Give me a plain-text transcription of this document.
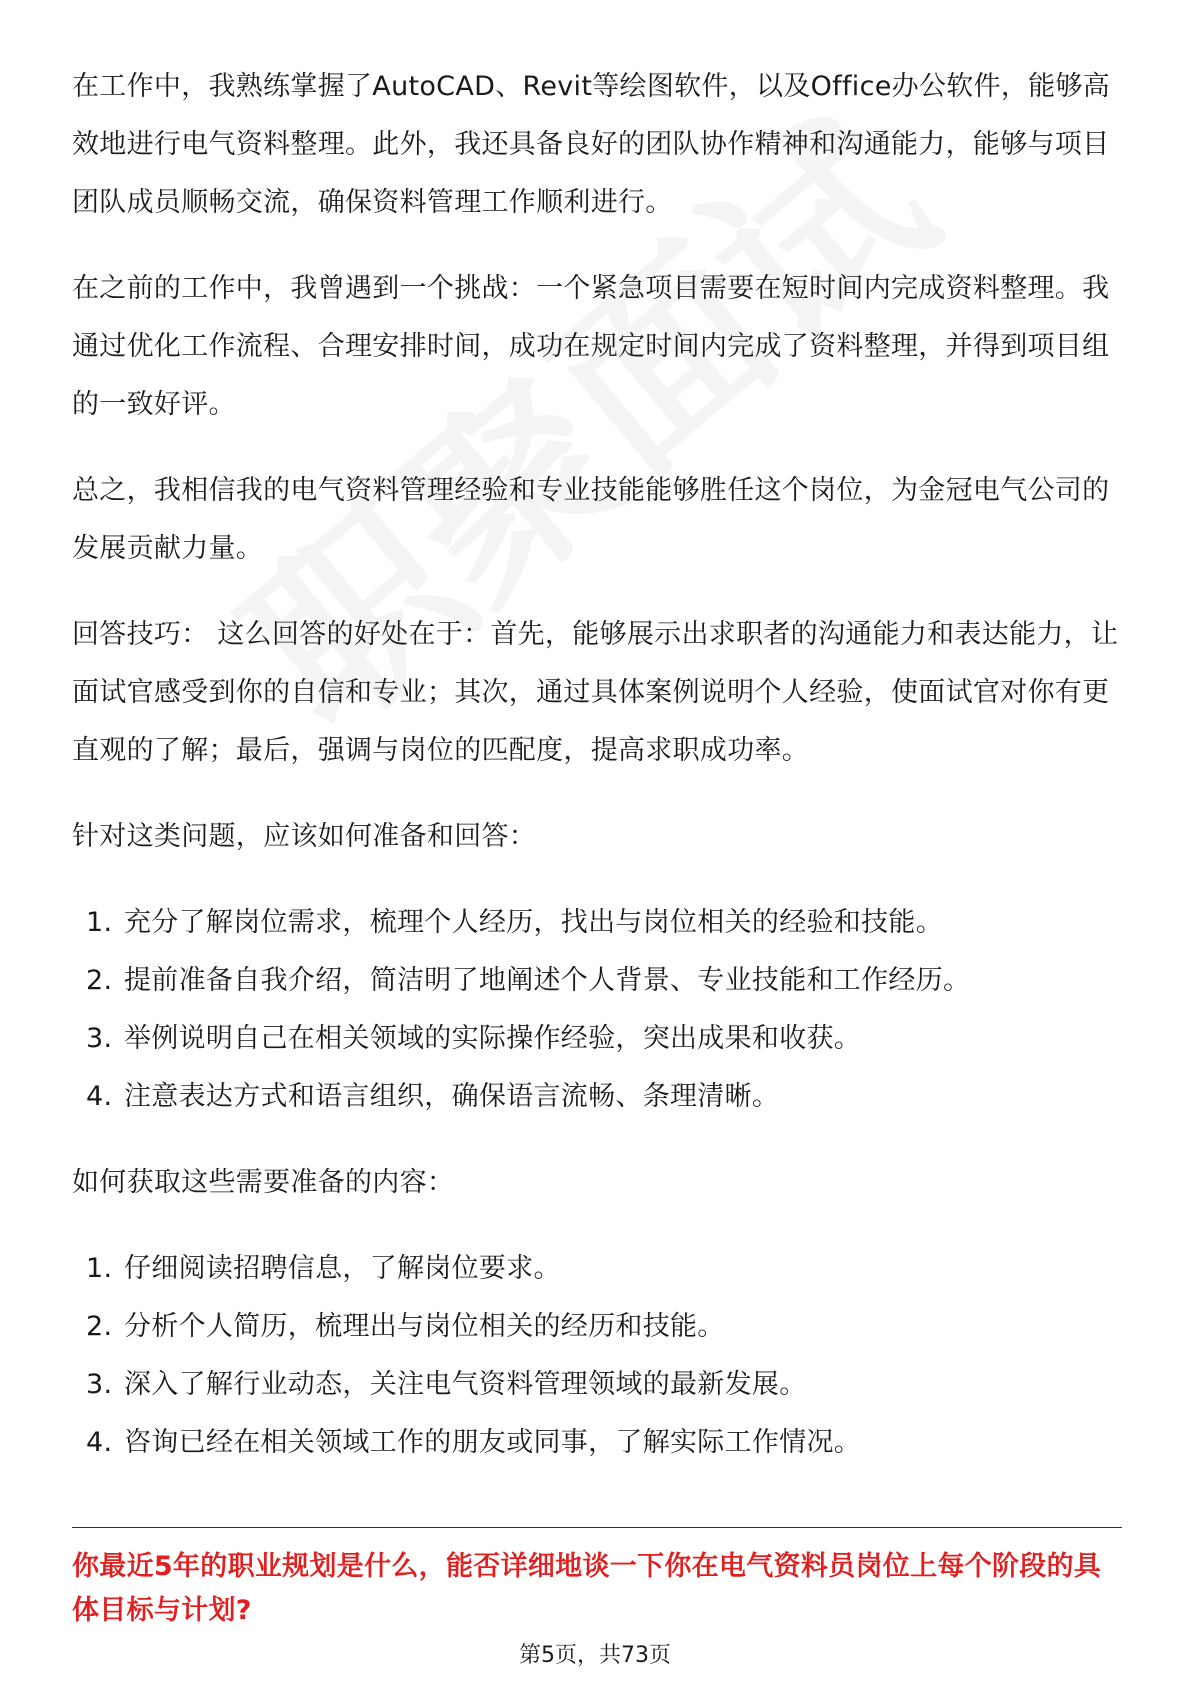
在工作中，我熟练掌握了AutoCAD、Revit等绘图软件，以及Office办公软件，能够高效地进行电气资料整理。此外，我还具备良好的团队协作精神和沟通能力，能够与项目团队成员顺畅交流，确保资料管理工作顺利进行。

在之前的工作中，我曾遇到一个挑战：一个紧急项目需要在短时间内完成资料整理。我通过优化工作流程、合理安排时间，成功在规定时间内完成了资料整理，并得到项目组的一致好评。

总之，我相信我的电气资料管理经验和专业技能能够胜任这个岗位，为金冠电气公司的发展贡献力量。

回答技巧： 这么回答的好处在于：首先，能够展示出求职者的沟通能力和表达能力，让面试官感受到你的自信和专业；其次，通过具体案例说明个人经验，使面试官对你有更直观的了解；最后，强调与岗位的匹配度，提高求职成功率。

针对这类问题，应该如何准备和回答：

1. 充分了解岗位需求，梳理个人经历，找出与岗位相关的经验和技能。
2. 提前准备自我介绍，简洁明了地阐述个人背景、专业技能和工作经历。
3. 举例说明自己在相关领域的实际操作经验，突出成果和收获。
4. 注意表达方式和语言组织，确保语言流畅、条理清晰。

如何获取这些需要准备的内容：

1. 仔细阅读招聘信息，了解岗位要求。
2. 分析个人简历，梳理出与岗位相关的经历和技能。
3. 深入了解行业动态，关注电气资料管理领域的最新发展。
4. 咨询已经在相关领域工作的朋友或同事，了解实际工作情况。
你最近5年的职业规划是什么，能否详细地谈一下你在电气资料员岗位上每个阶段的具体目标与计划?
第5页，共73页
